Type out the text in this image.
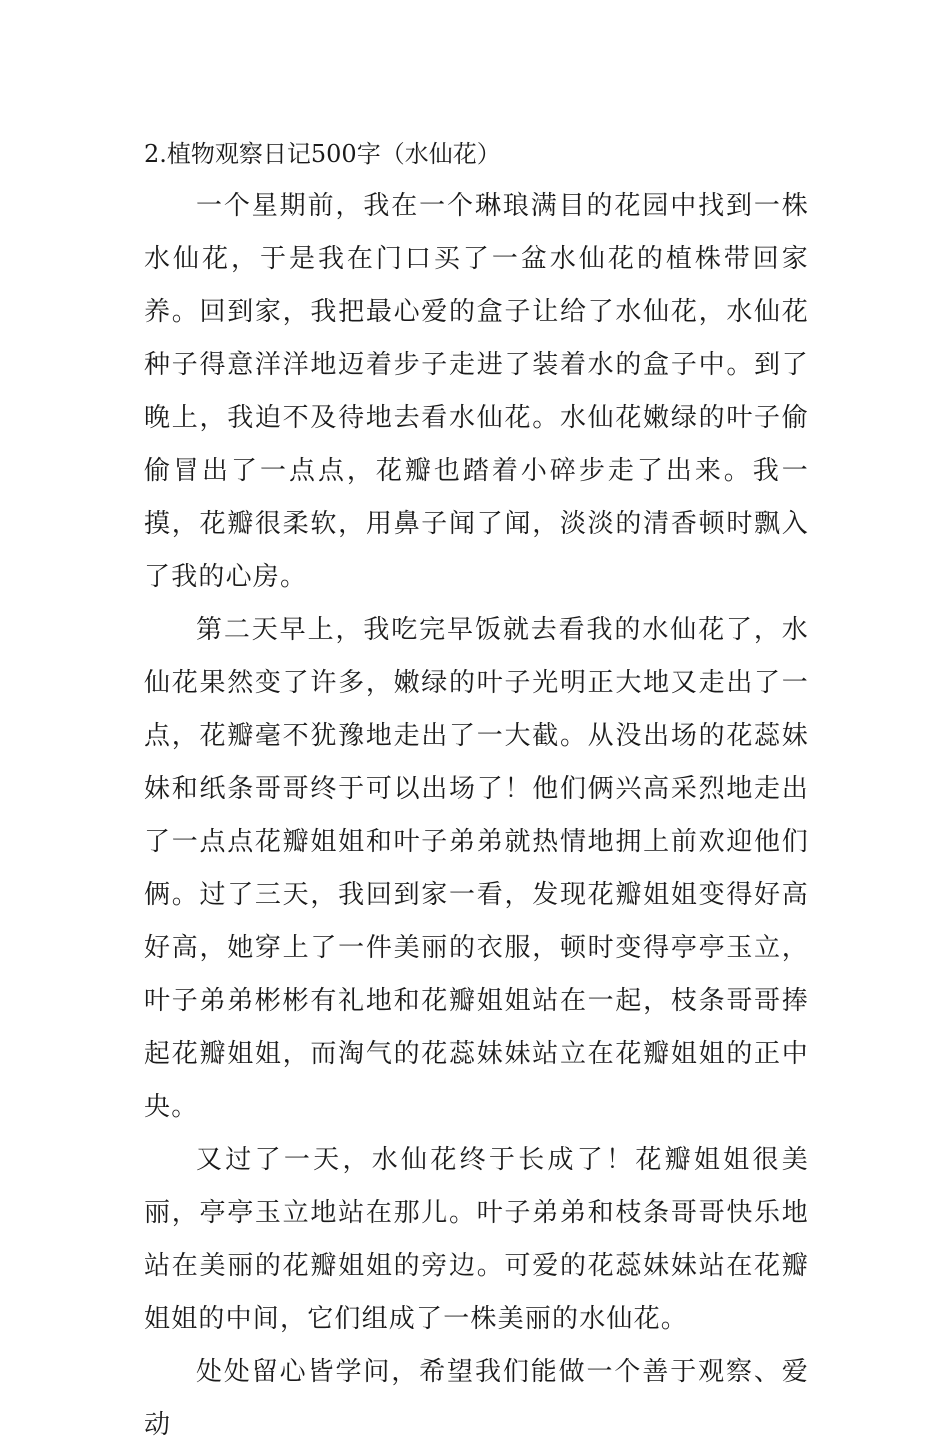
2.植物观察日记500字（水仙花）

一个星期前，我在一个琳琅满目的花园中找到一株水仙花，于是我在门口买了一盆水仙花的植株带回家养。回到家，我把最心爱的盒子让给了水仙花，水仙花种子得意洋洋地迈着步子走进了装着水的盒子中。到了晚上，我迫不及待地去看水仙花。水仙花嫩绿的叶子偷偷冒出了一点点，花瓣也踏着小碎步走了出来。我一摸，花瓣很柔软，用鼻子闻了闻，淡淡的清香顿时飘入了我的心房。

第二天早上，我吃完早饭就去看我的水仙花了，水仙花果然变了许多，嫩绿的叶子光明正大地又走出了一点，花瓣毫不犹豫地走出了一大截。从没出场的花蕊妹妹和纸条哥哥终于可以出场了！他们俩兴高采烈地走出了一点点花瓣姐姐和叶子弟弟就热情地拥上前欢迎他们俩。过了三天，我回到家一看，发现花瓣姐姐变得好高好高，她穿上了一件美丽的衣服，顿时变得亭亭玉立，叶子弟弟彬彬有礼地和花瓣姐姐站在一起，枝条哥哥捧起花瓣姐姐，而淘气的花蕊妹妹站立在花瓣姐姐的正中央。

又过了一天，水仙花终于长成了！花瓣姐姐很美丽，亭亭玉立地站在那儿。叶子弟弟和枝条哥哥快乐地站在美丽的花瓣姐姐的旁边。可爱的花蕊妹妹站在花瓣姐姐的中间，它们组成了一株美丽的水仙花。

处处留心皆学问，希望我们能做一个善于观察、爱动
